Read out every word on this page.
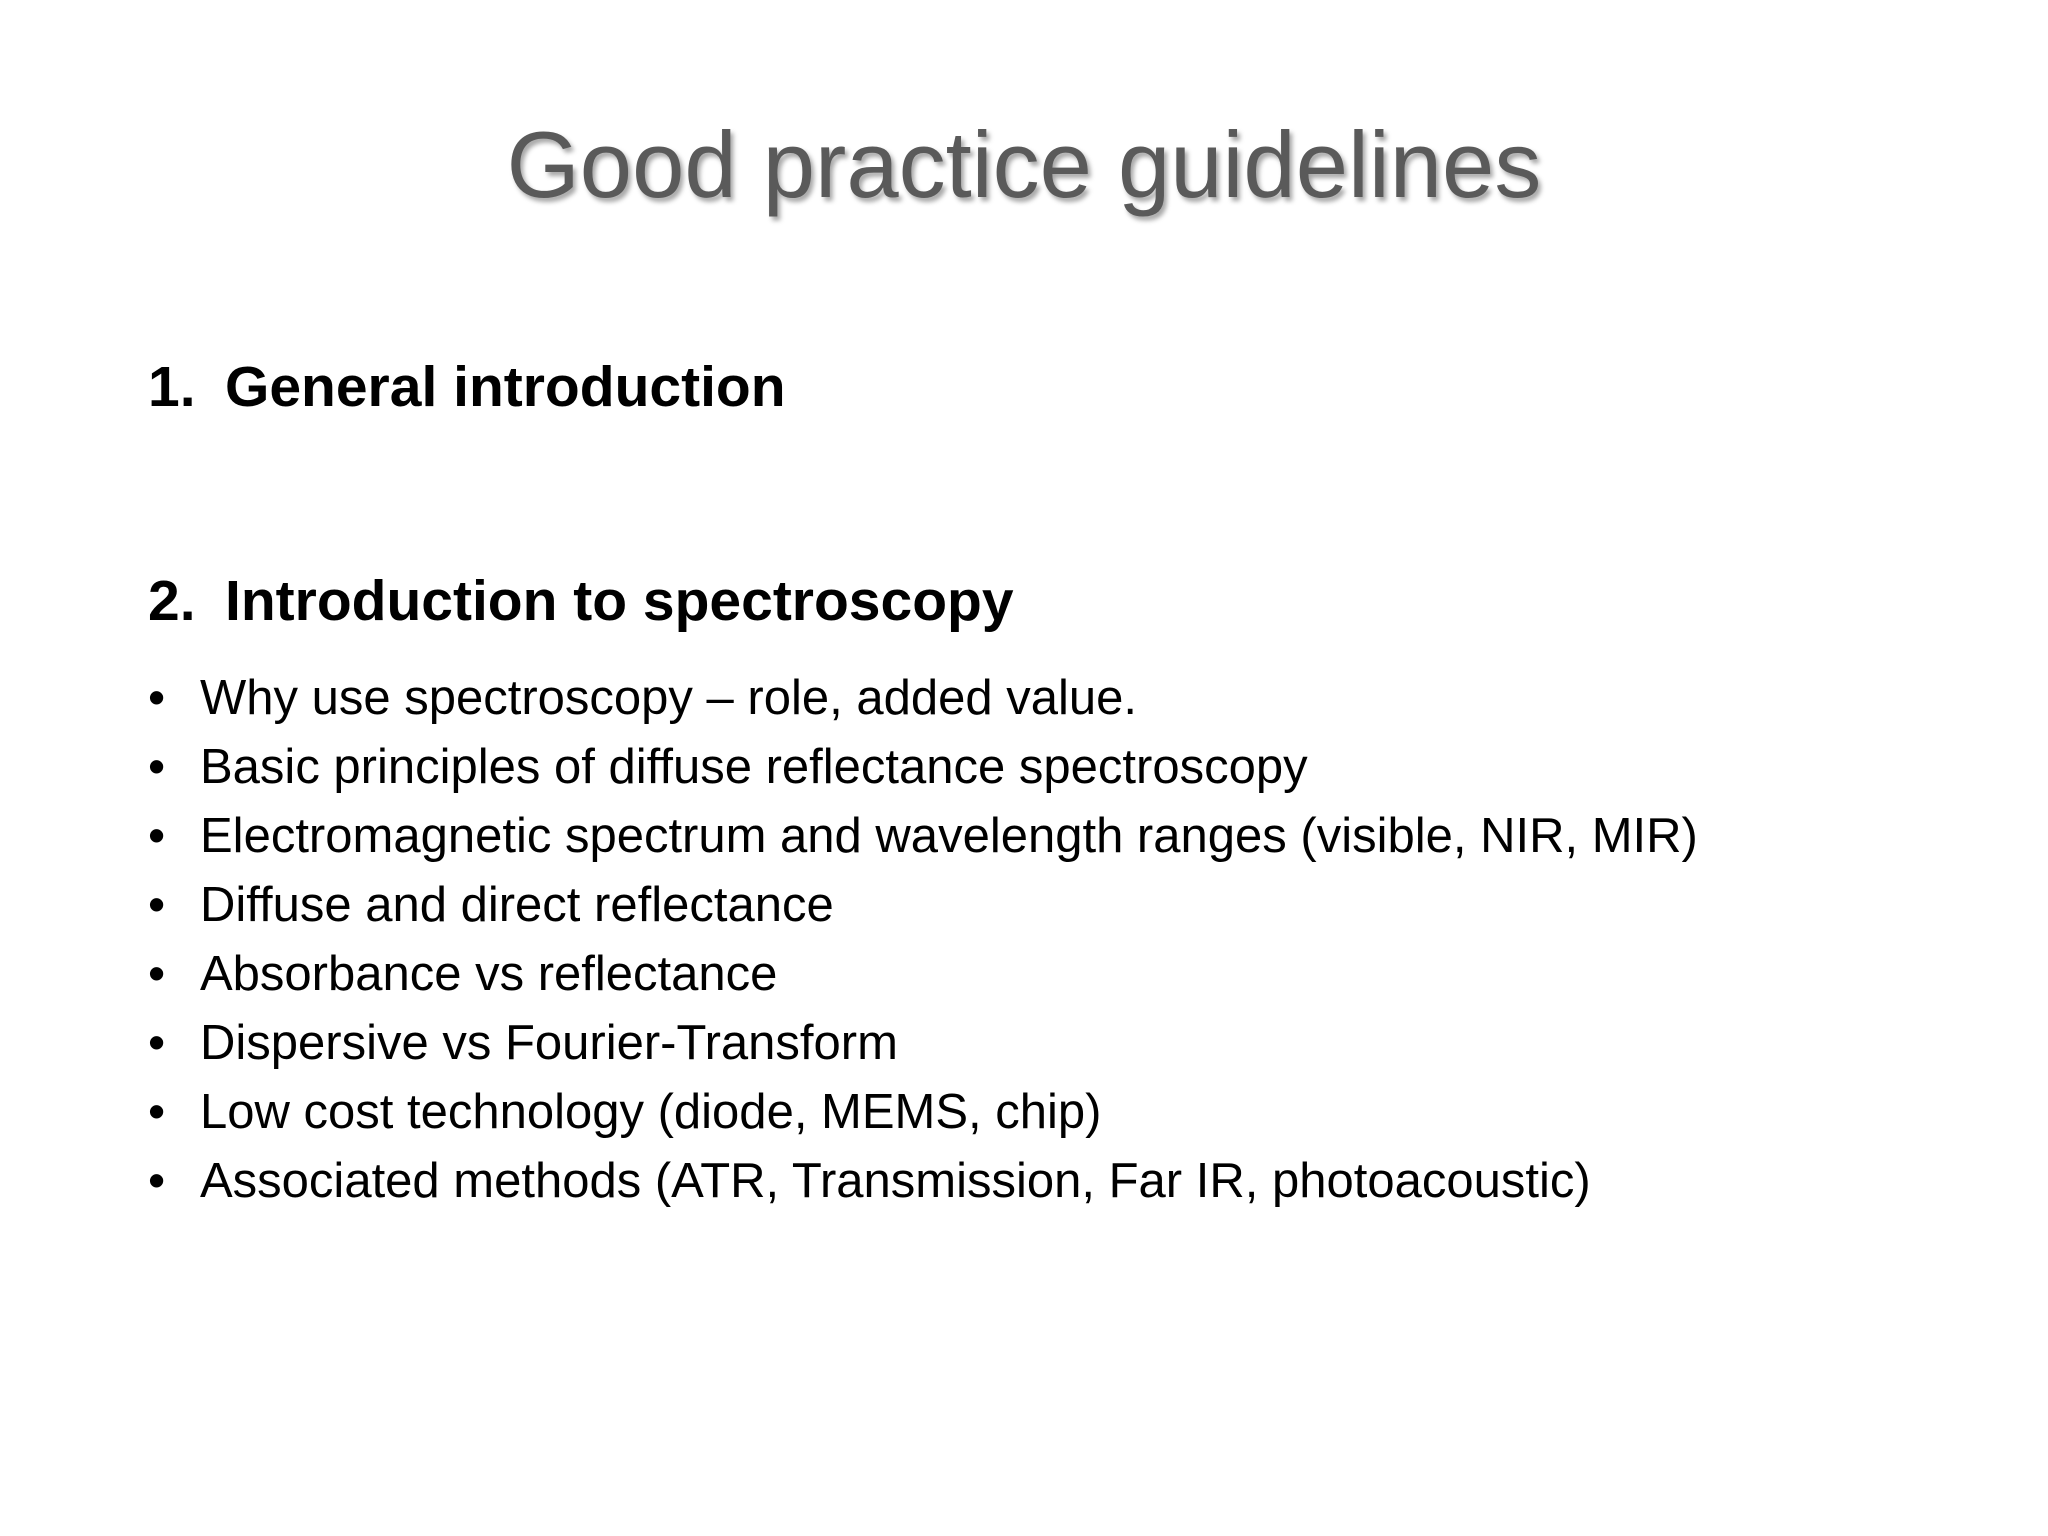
Good practice guidelines
1. General introduction
2. Introduction to spectroscopy
• Why use spectroscopy – role, added value.
• Basic principles of diffuse reflectance spectroscopy
• Electromagnetic spectrum and wavelength ranges (visible, NIR, MIR)
• Diffuse and direct reflectance
• Absorbance vs reflectance
• Dispersive vs Fourier-Transform
• Low cost technology (diode, MEMS, chip)
• Associated methods (ATR, Transmission, Far IR, photoacoustic)
